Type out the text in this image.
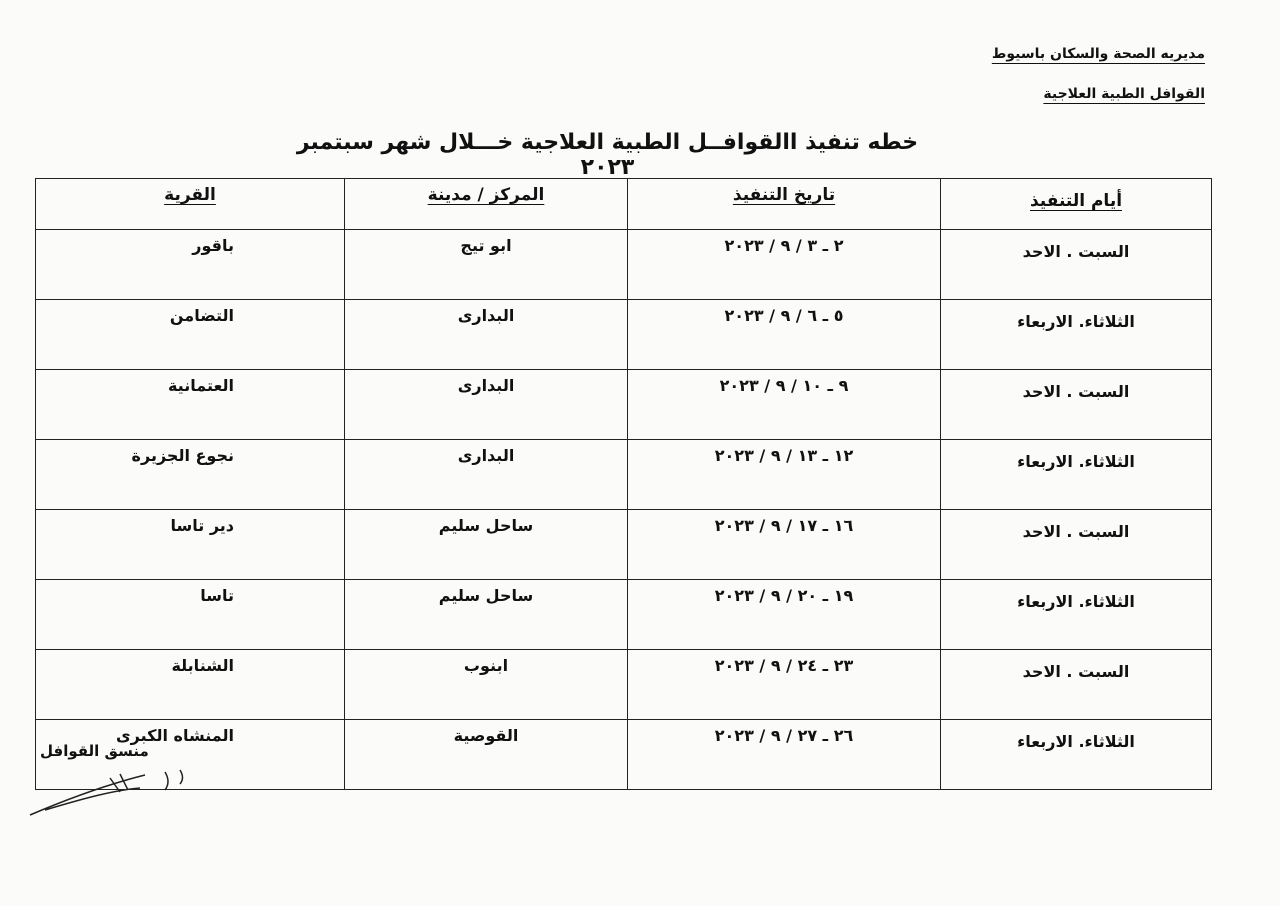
مديريه الصحة والسكان باسيوط
القوافل الطبية العلاجية
خطه تنفيذ االقوافــل الطبية العلاجية خـــلال شهر سبتمبر ٢٠٢٣
أيام التنفيذ	تاريخ التنفيذ	المركز / مدينة	القرية
السبت . الاحد	٢٠٢٣ / ٩ / ٣ ـ ٢	ابو تيج	باقور
الثلاثاء. الاربعاء	٢٠٢٣ / ٩ / ٦ ـ ٥	البدارى	التضامن
السبت . الاحد	٢٠٢٣ / ٩ / ١٠ ـ ٩	البدارى	العتمانية
الثلاثاء. الاربعاء	٢٠٢٣ / ٩ / ١٣ ـ ١٢	البدارى	نجوع الجزيرة
السبت . الاحد	٢٠٢٣ / ٩ / ١٧ ـ ١٦	ساحل سليم	دير تاسا
الثلاثاء. الاربعاء	٢٠٢٣ / ٩ / ٢٠ ـ ١٩	ساحل سليم	تاسا
السبت . الاحد	٢٠٢٣ / ٩ / ٢٤ ـ ٢٣	ابنوب	الشنابلة
الثلاثاء. الاربعاء	٢٠٢٣ / ٩ / ٢٧ ـ ٢٦	القوصية	المنشاه الكبرى
منسق القوافل
